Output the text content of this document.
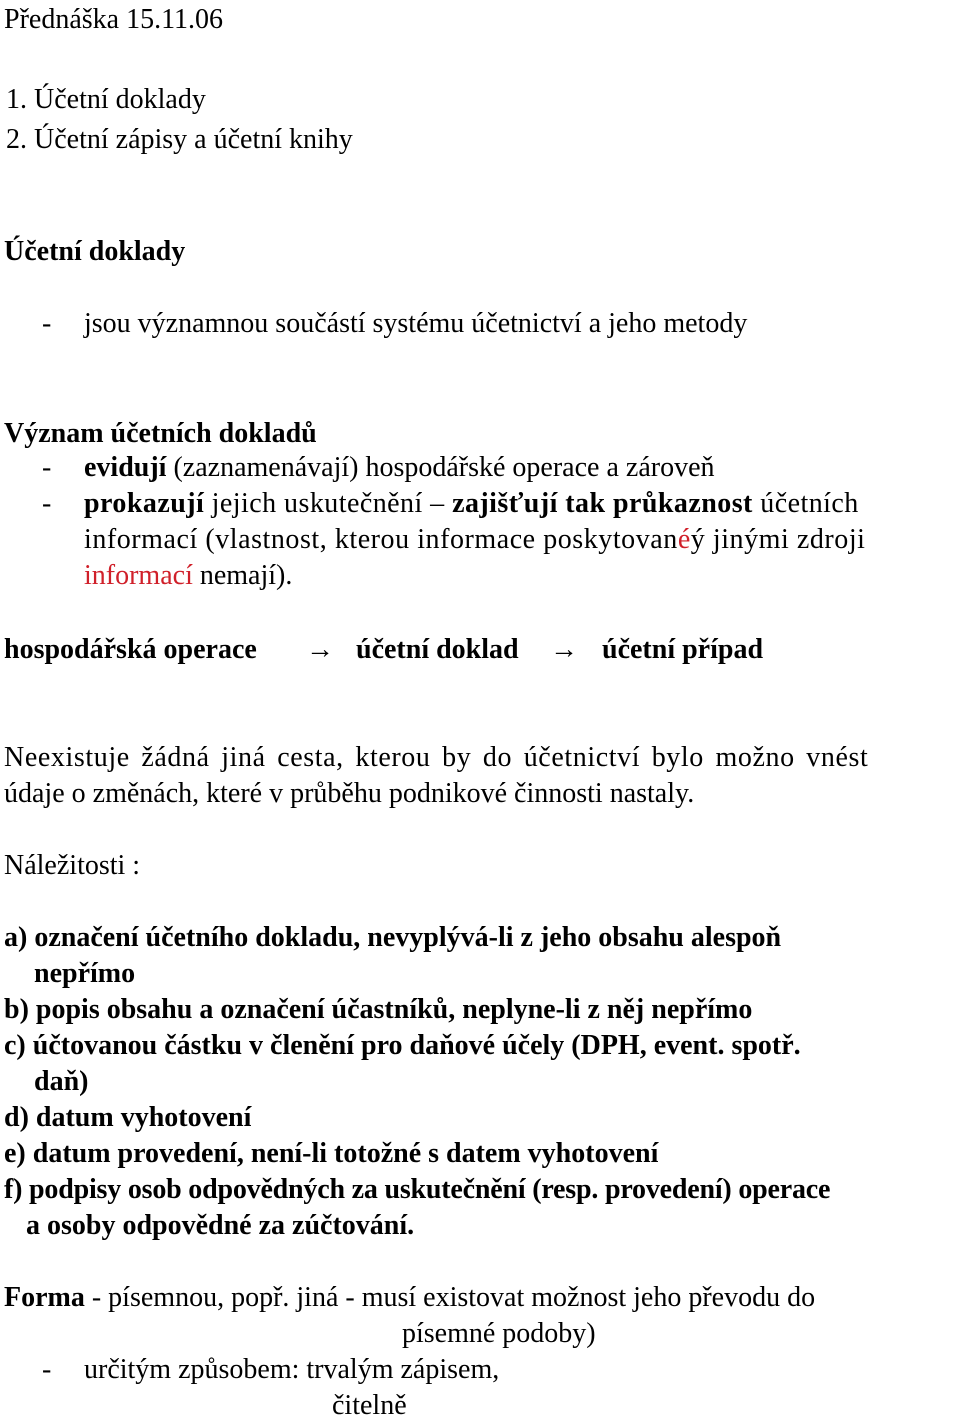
Přednáška 15.11.06
1. Účetní doklady
2. Účetní zápisy a účetní knihy
Účetní doklady
- jsou významnou součástí systému účetnictví a jeho metody
Význam účetních dokladů
- evidují (zaznamenávají) hospodářské operace a zároveň
- prokazují jejich uskutečnění – zajišťují tak průkaznost účetních
informací (vlastnost, kterou informace poskytovanéý jinými zdroji
informací nemají).
hospodářská operace → účetní doklad → účetní případ
Neexistuje žádná jiná cesta, kterou by do účetnictví bylo možno vnést
údaje o změnách, které v průběhu podnikové činnosti nastaly.
Náležitosti :
a) označení účetního dokladu, nevyplývá-li z jeho obsahu alespoň
nepřímo
b) popis obsahu a označení účastníků, neplyne-li z něj nepřímo
c) účtovanou částku v členění pro daňové účely (DPH, event. spotř.
daň)
d) datum vyhotovení
e) datum provedení, není-li totožné s datem vyhotovení
f) podpisy osob odpovědných za uskutečnění (resp. provedení) operace
a osoby odpovědné za zúčtování.
Forma - písemnou, popř. jiná - musí existovat možnost jeho převodu do
písemné podoby)
- určitým způsobem: trvalým zápisem,
čitelně
